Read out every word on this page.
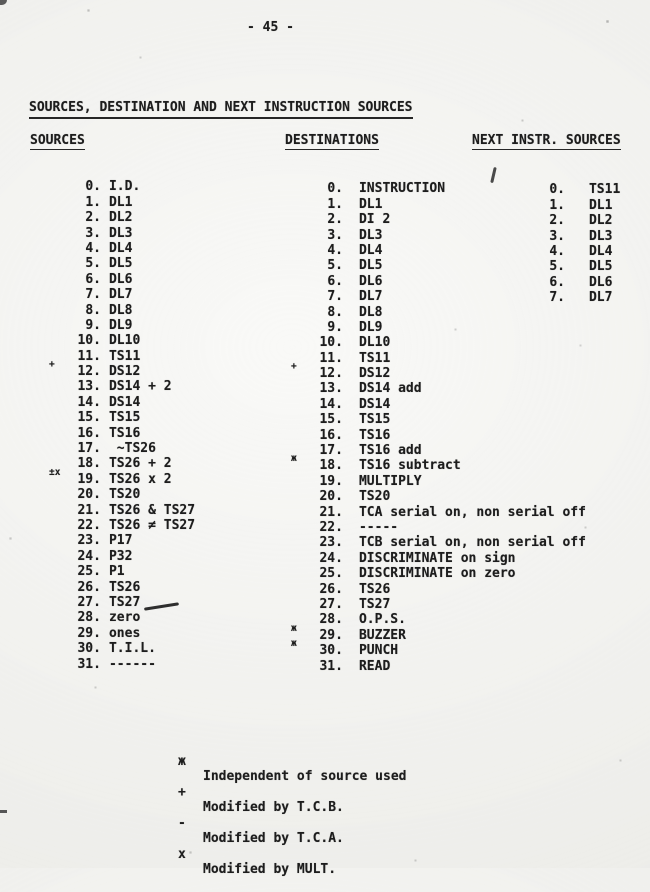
- 45 -
SOURCES, DESTINATION AND NEXT INSTRUCTION SOURCES
SOURCES	DESTINATIONS	NEXT INSTR. SOURCES

0. I.D.

1. DL1

2. DL2

3. DL3

4. DL4

5. DL5

6. DL6

7. DL7

8. DL8

9. DL9

10. DL10

11. TS11

12. DS12

13.
+
DS14 + 2

14. DS14

15. TS15

16. TS16

17.
~TS26

18. TS26 + 2

19. TS26 x 2

20.
±x
TS20

21. TS26 & TS27

22. TS26 ≠ TS27

23. P17

24. P32

25. P1

26. TS26

27. TS27

28. zero

29. ones

30. T.I.L.

31. ------

0. INSTRUCTION

1. DL1

2. DI 2

3. DL3

4. DL4

5. DL5

6. DL6

7. DL7

8. DL8

9. DL9

10. DL10

11. TS11

12. DS12

13.
+
DS14 add

14. DS14

15. TS15

16. TS16

17. TS16 add

18. TS16 subtract

19.
ж
MULTIPLY

20. TS20

21. TCA serial on, non serial off

22. -----

23. TCB serial on, non serial off

24. DISCRIMINATE on sign

25. DISCRIMINATE on zero

26. TS26

27. TS27

28. O.P.S.

29. BUZZER

30.
ж
PUNCH

31.
ж
READ

0. TS11

1. DL1

2. DL2

3. DL3

4. DL4

5. DL5

6. DL6

7. DL7

ж

Independent of source used

+

Modified by T.C.B.

-

Modified by T.C.A.

x

Modified by MULT.
